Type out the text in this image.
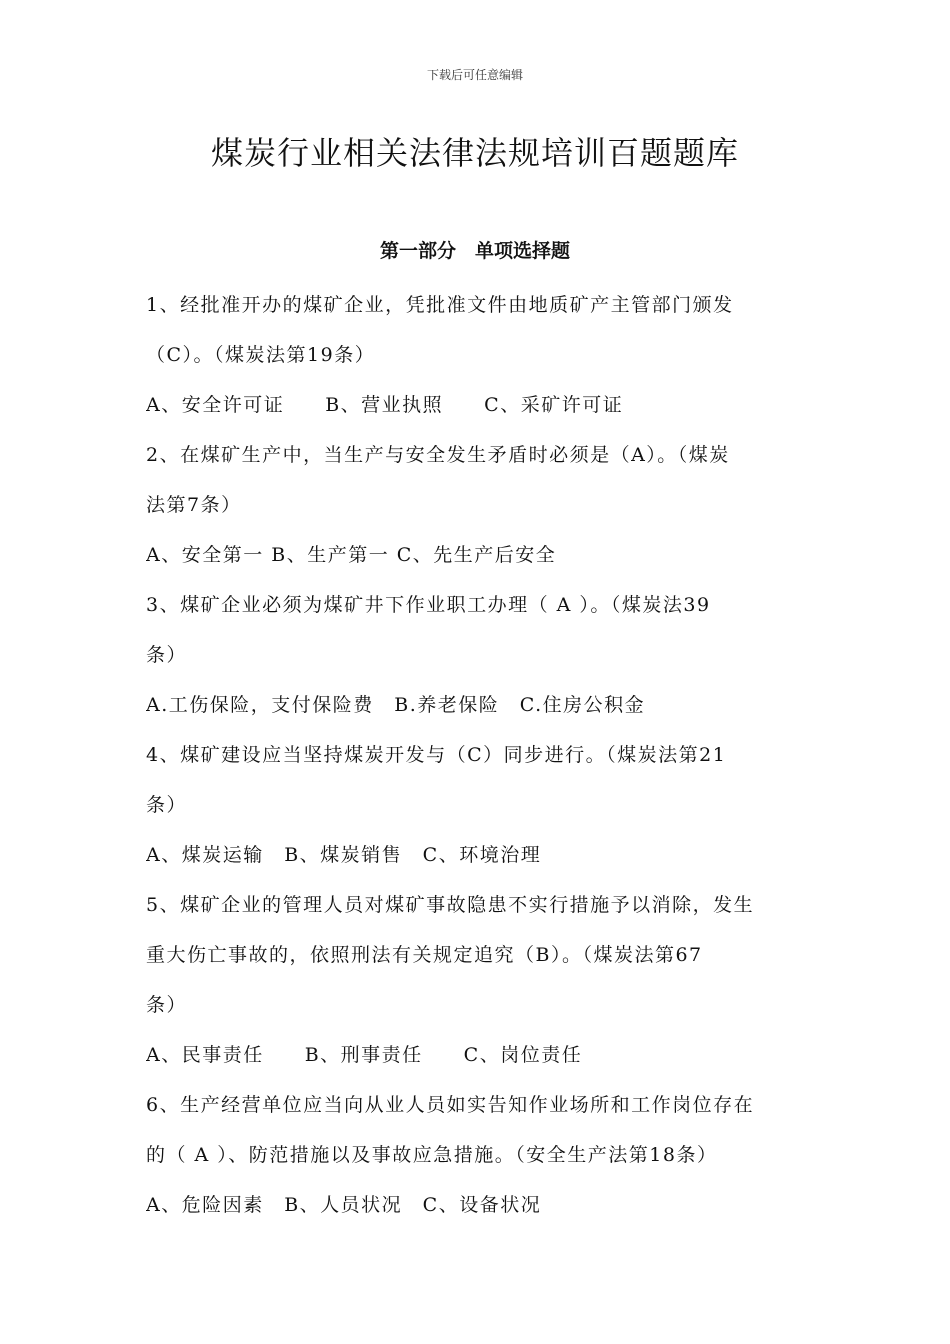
下载后可任意编辑
煤炭行业相关法律法规培训百题题库
第一部分　单项选择题
1、经批准开办的煤矿企业，凭批准文件由地质矿产主管部门颁发
（C）。（煤炭法第19条）
A、安全许可证　　B、营业执照　　C、采矿许可证
2、在煤矿生产中，当生产与安全发生矛盾时必须是（A）。（煤炭
法第7条）
A、安全第一 B、生产第一 C、先生产后安全
3、煤矿企业必须为煤矿井下作业职工办理（ A ）。（煤炭法39
条）
A.工伤保险，支付保险费　B.养老保险　C.住房公积金
4、煤矿建设应当坚持煤炭开发与（C）同步进行。（煤炭法第21
条）
A、煤炭运输　B、煤炭销售　C、环境治理
5、煤矿企业的管理人员对煤矿事故隐患不实行措施予以消除，发生
重大伤亡事故的，依照刑法有关规定追究（B）。（煤炭法第67
条）
A、民事责任　　B、刑事责任　　C、岗位责任
6、生产经营单位应当向从业人员如实告知作业场所和工作岗位存在
的（ A ）、防范措施以及事故应急措施。（安全生产法第18条）
A、危险因素　B、人员状况　C、设备状况
